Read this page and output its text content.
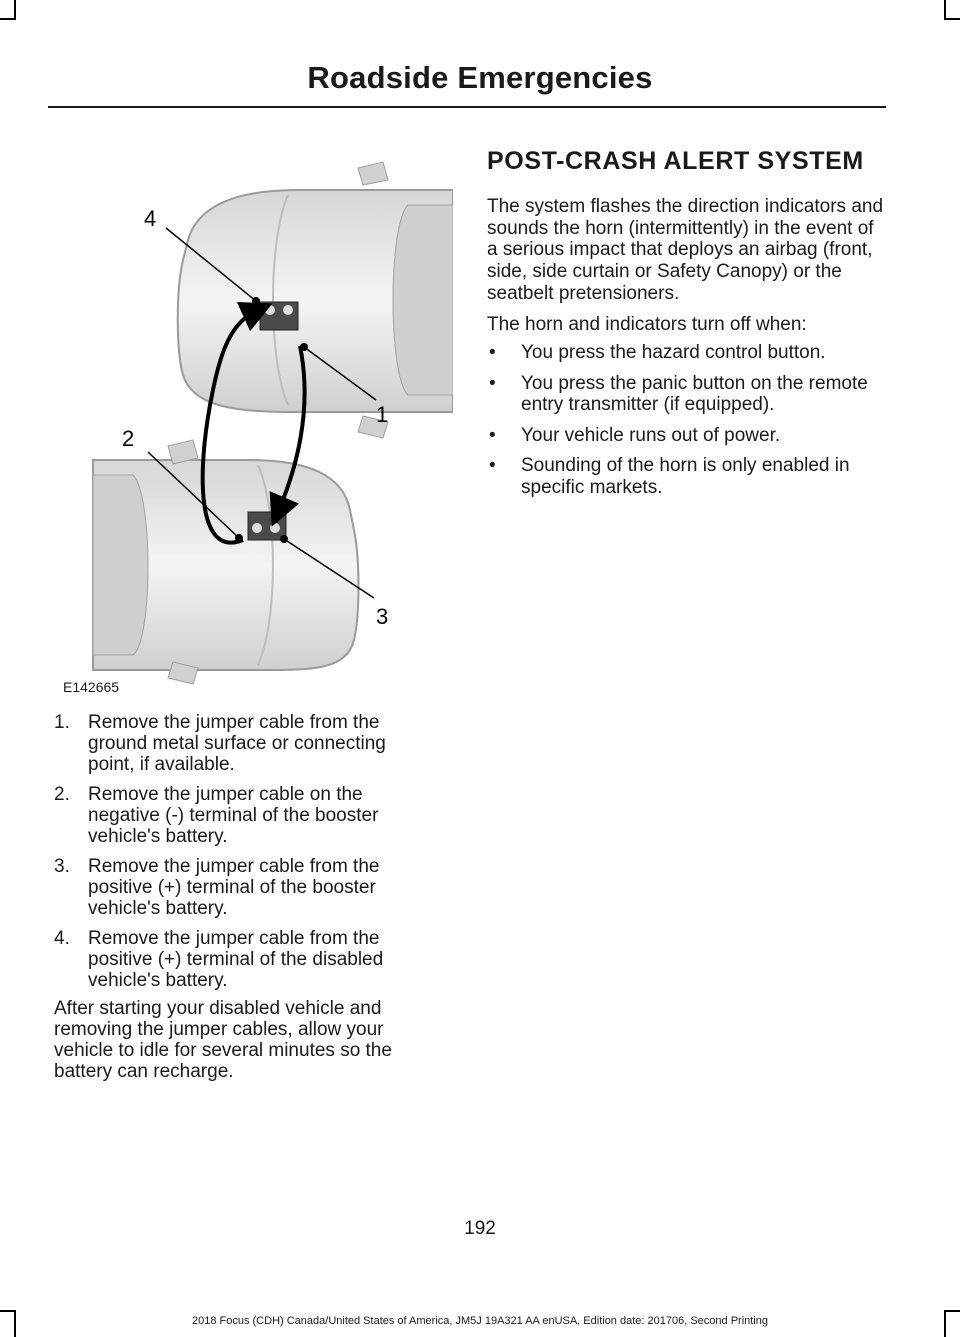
Roadside Emergencies
4
1
2
3
E142665
1. Remove the jumper cable from the ground metal surface or connecting point, if available.
2. Remove the jumper cable on the negative (-) terminal of the booster vehicle's battery.
3. Remove the jumper cable from the positive (+) terminal of the booster vehicle's battery.
4. Remove the jumper cable from the positive (+) terminal of the disabled vehicle's battery.

After starting your disabled vehicle and removing the jumper cables, allow your vehicle to idle for several minutes so the battery can recharge.

POST-CRASH ALERT SYSTEM

The system flashes the direction indicators and sounds the horn (intermittently) in the event of a serious impact that deploys an airbag (front, side, side curtain or Safety Canopy) or the seatbelt pretensioners.

The horn and indicators turn off when:

• You press the hazard control button.
• You press the panic button on the remote entry transmitter (if equipped).
• Your vehicle runs out of power.
• Sounding of the horn is only enabled in specific markets.
192
2018 Focus (CDH) Canada/United States of America, JM5J 19A321 AA enUSA, Edition date: 201706, Second Printing
